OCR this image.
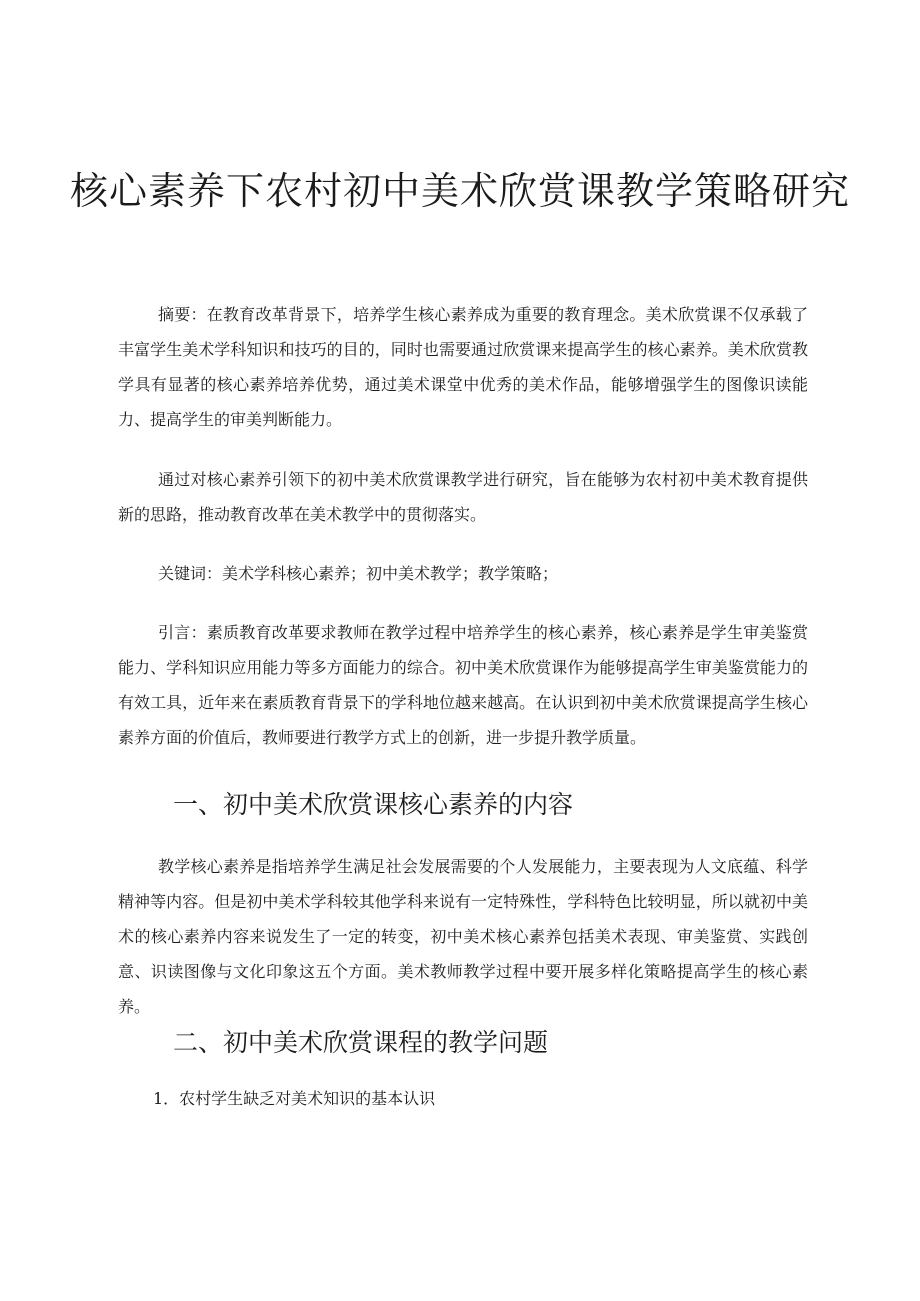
核心素养下农村初中美术欣赏课教学策略研究

摘要：在教育改革背景下，培养学生核心素养成为重要的教育理念。美术欣赏课不仅承载了丰富学生美术学科知识和技巧的目的，同时也需要通过欣赏课来提高学生的核心素养。美术欣赏教学具有显著的核心素养培养优势，通过美术课堂中优秀的美术作品，能够增强学生的图像识读能力、提高学生的审美判断能力。

通过对核心素养引领下的初中美术欣赏课教学进行研究，旨在能够为农村初中美术教育提供新的思路，推动教育改革在美术教学中的贯彻落实。

关键词：美术学科核心素养；初中美术教学；教学策略；

引言：素质教育改革要求教师在教学过程中培养学生的核心素养，核心素养是学生审美鉴赏能力、学科知识应用能力等多方面能力的综合。初中美术欣赏课作为能够提高学生审美鉴赏能力的有效工具，近年来在素质教育背景下的学科地位越来越高。在认识到初中美术欣赏课提高学生核心素养方面的价值后，教师要进行教学方式上的创新，进一步提升教学质量。

一、初中美术欣赏课核心素养的内容

教学核心素养是指培养学生满足社会发展需要的个人发展能力，主要表现为人文底蕴、科学精神等内容。但是初中美术学科较其他学科来说有一定特殊性，学科特色比较明显，所以就初中美术的核心素养内容来说发生了一定的转变，初中美术核心素养包括美术表现、审美鉴赏、实践创意、识读图像与文化印象这五个方面。美术教师教学过程中要开展多样化策略提高学生的核心素养。

二、初中美术欣赏课程的教学问题

1．农村学生缺乏对美术知识的基本认识
